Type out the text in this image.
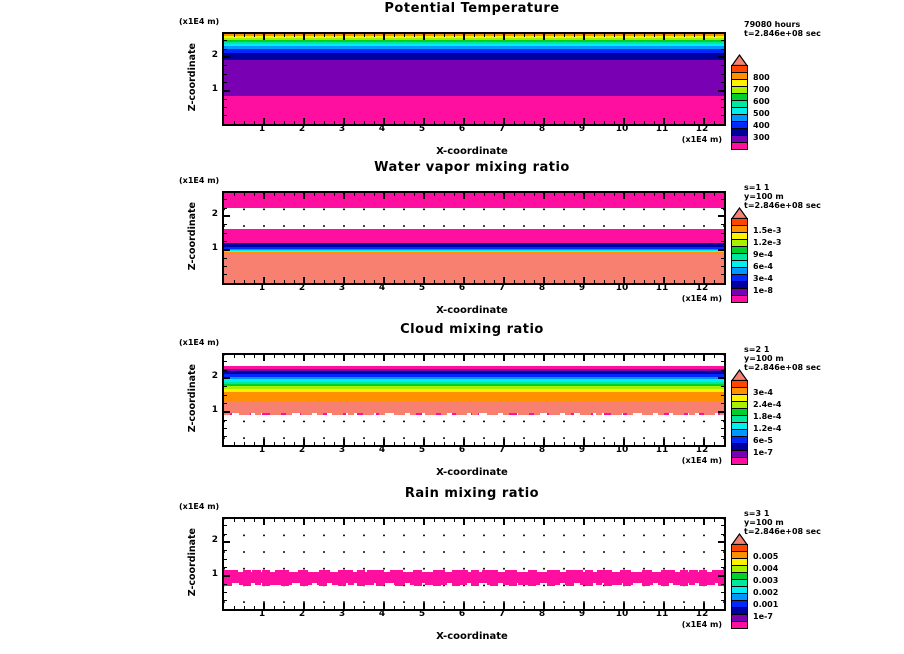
Potential Temperature
(x1E4 m)
Z-coordinate
(x1E4 m)
X-coordinate
79080 hours
t=2.846e+08 sec
800
700
600
500
400
300
1	2	3	4	5	6	7	8	9	10	11	12
1
2
Water vapor mixing ratio
(x1E4 m)
Z-coordinate
(x1E4 m)
X-coordinate
s=1 1
y=100 m
t=2.846e+08 sec
1.5e-3
1.2e-3
9e-4
6e-4
3e-4
1e-8
1	2	3	4	5	6	7	8	9	10	11	12
1
2
Cloud mixing ratio
(x1E4 m)
Z-coordinate
(x1E4 m)
X-coordinate
s=2 1
y=100 m
t=2.846e+08 sec
3e-4
2.4e-4
1.8e-4
1.2e-4
6e-5
1e-7
1	2	3	4	5	6	7	8	9	10	11	12
1
2
Rain mixing ratio
(x1E4 m)
Z-coordinate
(x1E4 m)
X-coordinate
s=3 1
y=100 m
t=2.846e+08 sec
0.005
0.004
0.003
0.002
0.001
1e-7
1	2	3	4	5	6	7	8	9	10	11	12
1
2
